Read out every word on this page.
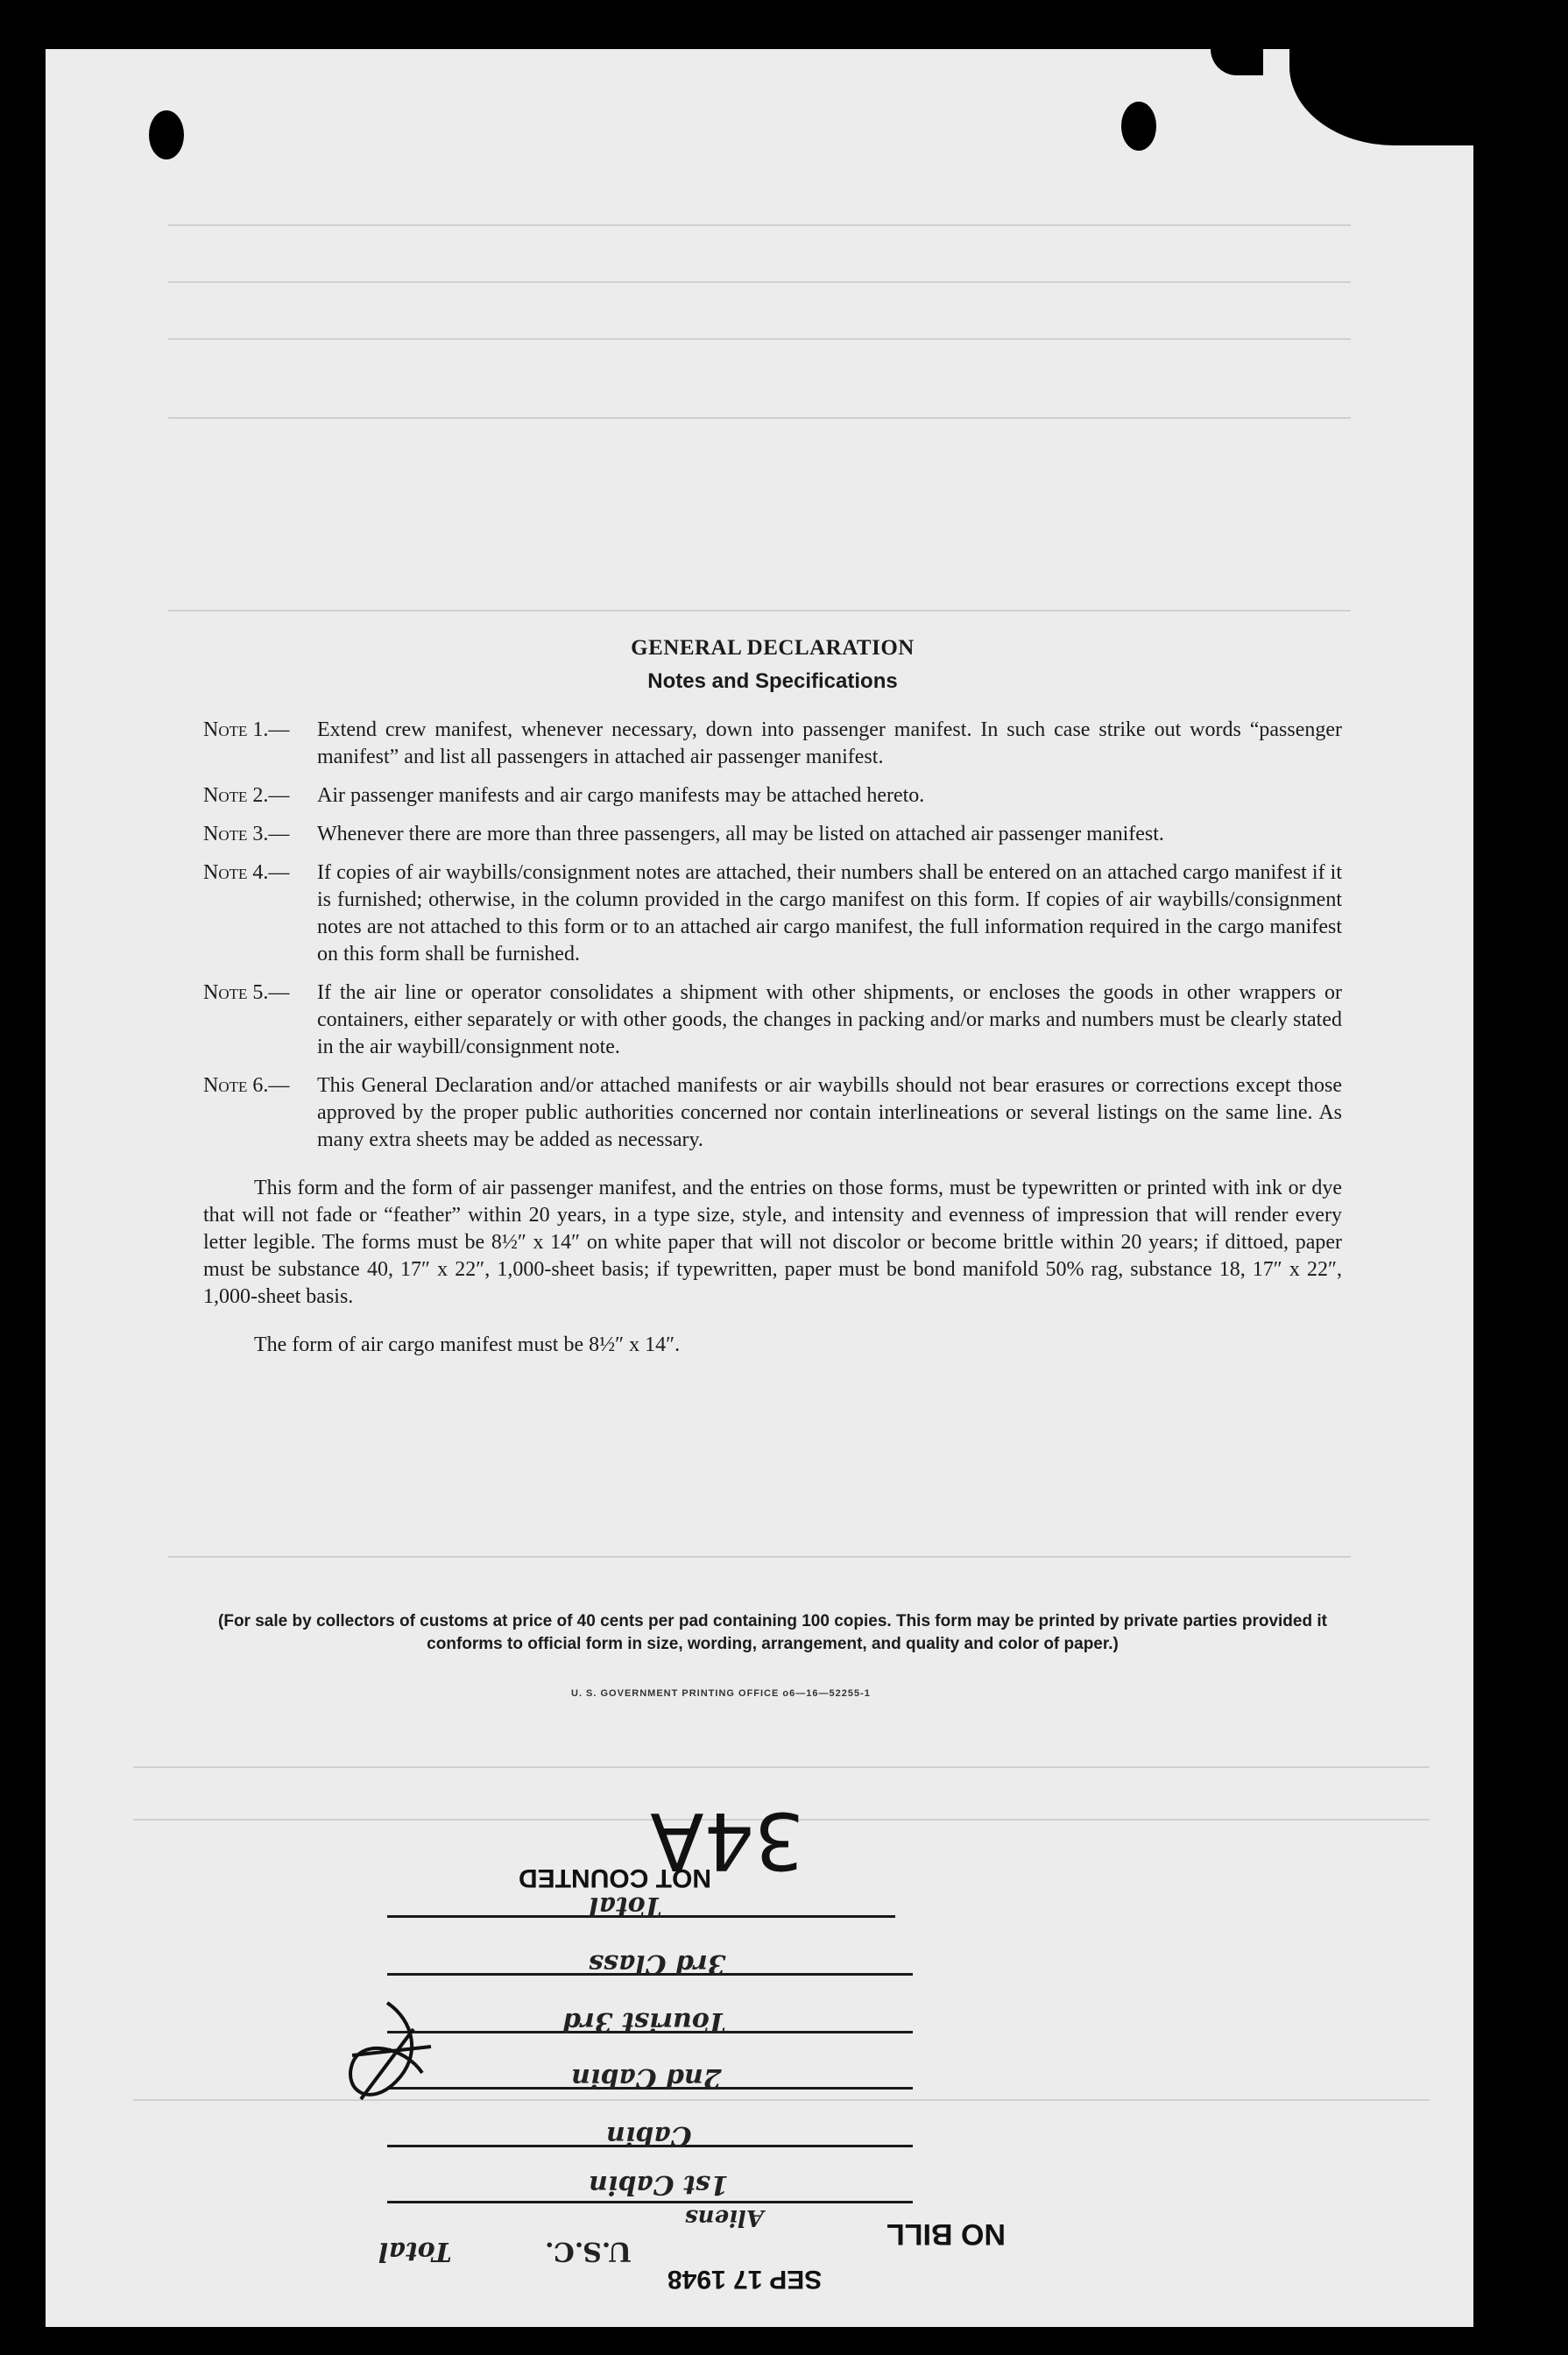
GENERAL DECLARATION
Notes and Specifications
Note 1.—	Extend crew manifest, whenever necessary, down into passenger manifest. In such case strike out words “passenger manifest” and list all passengers in attached air passenger manifest.
Note 2.—	Air passenger manifests and air cargo manifests may be attached hereto.
Note 3.—	Whenever there are more than three passengers, all may be listed on attached air passenger manifest.
Note 4.—	If copies of air waybills/consignment notes are attached, their numbers shall be entered on an attached cargo manifest if it is furnished; otherwise, in the column provided in the cargo manifest on this form. If copies of air waybills/consignment notes are not attached to this form or to an attached air cargo manifest, the full information required in the cargo manifest on this form shall be furnished.
Note 5.—	If the air line or operator consolidates a shipment with other shipments, or encloses the goods in other wrappers or containers, either separately or with other goods, the changes in packing and/or marks and numbers must be clearly stated in the air waybill/consignment note.
Note 6.—	This General Declaration and/or attached manifests or air waybills should not bear erasures or corrections except those approved by the proper public authorities concerned nor contain interlineations or several listings on the same line. As many extra sheets may be added as necessary.

This form and the form of air passenger manifest, and the entries on those forms, must be typewritten or printed with ink or dye that will not fade or “feather” within 20 years, in a type size, style, and intensity and evenness of impression that will render every letter legible. The forms must be 8½″ x 14″ on white paper that will not discolor or become brittle within 20 years; if dittoed, paper must be substance 40, 17″ x 22″, 1,000-sheet basis; if typewritten, paper must be bond manifold 50% rag, substance 18, 17″ x 22″, 1,000-sheet basis.

The form of air cargo manifest must be 8½″ x 14″.
(For sale by collectors of customs at price of 40 cents per pad containing 100 copies. This form may be printed by private parties provided it conforms to official form in size, wording, arrangement, and quality and color of paper.)
U. S. GOVERNMENT PRINTING OFFICE o6—16—52255-1
NOT COUNTED
34A
Total
3rd Class
Tourist 3rd
2nd Cabin
Cabin
1st Cabin
Total	U.S.C.
Aliens	NO BILL
SEP 17 1948
